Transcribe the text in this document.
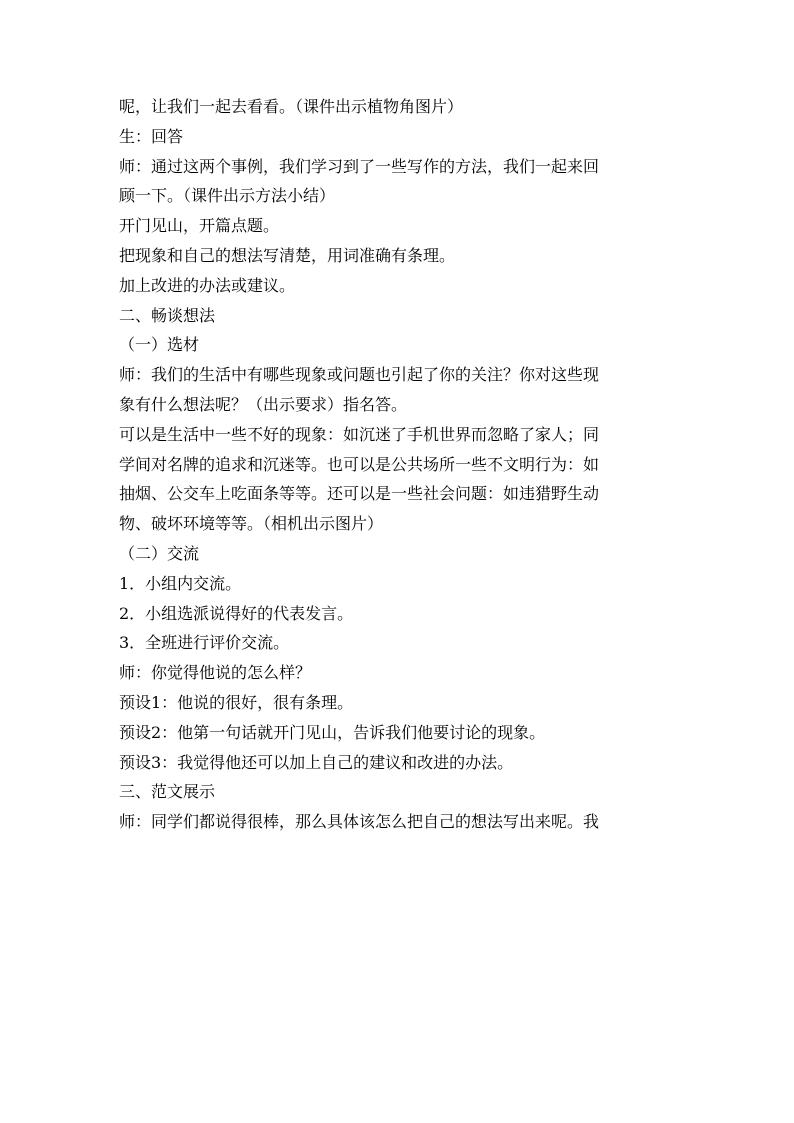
呢，让我们一起去看看。（课件出示植物角图片）

生：回答

师：通过这两个事例，我们学习到了一些写作的方法，我们一起来回

顾一下。（课件出示方法小结）

开门见山，开篇点题。

把现象和自己的想法写清楚，用词准确有条理。

加上改进的办法或建议。

二、畅谈想法

（一）选材

师：我们的生活中有哪些现象或问题也引起了你的关注？你对这些现

象有什么想法呢？（出示要求）指名答。

可以是生活中一些不好的现象：如沉迷了手机世界而忽略了家人；同

学间对名牌的追求和沉迷等。也可以是公共场所一些不文明行为：如

抽烟、公交车上吃面条等等。还可以是一些社会问题：如违猎野生动

物、破坏环境等等。（相机出示图片）

（二）交流

1．小组内交流。

2．小组选派说得好的代表发言。

3．全班进行评价交流。

师：你觉得他说的怎么样？

预设1：他说的很好，很有条理。

预设2：他第一句话就开门见山，告诉我们他要讨论的现象。

预设3：我觉得他还可以加上自己的建议和改进的办法。

三、范文展示

师：同学们都说得很棒，那么具体该怎么把自己的想法写出来呢。我
